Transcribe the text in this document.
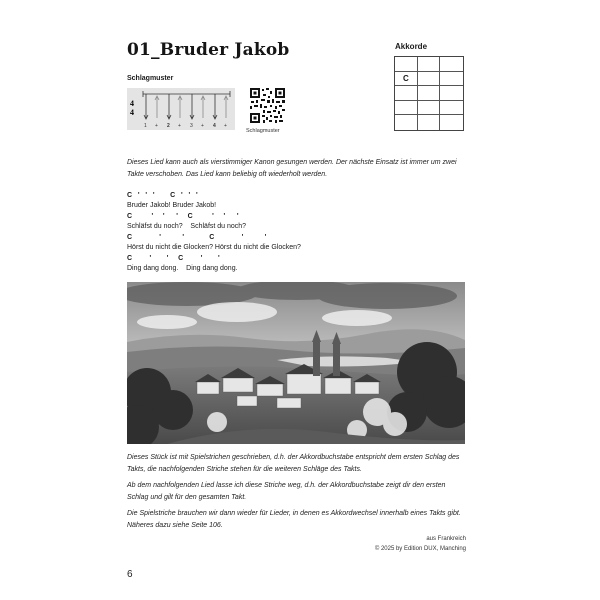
01_Bruder Jakob	Akkorde
C
Schlagmuster
4
4
1 + 2 + 3 + 4 +
Schlagmuster
Dieses Lied kann auch als vierstimmiger Kanon gesungen werden. Der nächste Einsatz ist immer um zwei Takte verschoben. Das Lied kann beliebig oft wiederholt werden.
C   '   '   '        C   '   '   '
Bruder Jakob! Bruder Jakob!
C          '     '      '     C          '     '      '
Schläfst du noch?    Schläfst du noch?
C              '           '             C              '           '
Hörst du nicht die Glocken? Hörst du nicht die Glocken?
C         '        '     C         '        '
Ding dang dong.    Ding dang dong.
Dieses Stück ist mit Spielstrichen geschrieben, d.h. der Akkordbuchstabe entspricht dem ersten Schlag des Takts, die nachfolgenden Striche stehen für die weiteren Schläge des Takts.
Ab dem nachfolgenden Lied lasse ich diese Striche weg, d.h. der Akkordbuchstabe zeigt dir den ersten Schlag und gilt für den gesamten Takt.
Die Spielstriche brauchen wir dann wieder für Lieder, in denen es Akkordwechsel innerhalb eines Takts gibt. Näheres dazu siehe Seite 106.
aus Frankreich
© 2025 by Edition DUX, Manching
6
